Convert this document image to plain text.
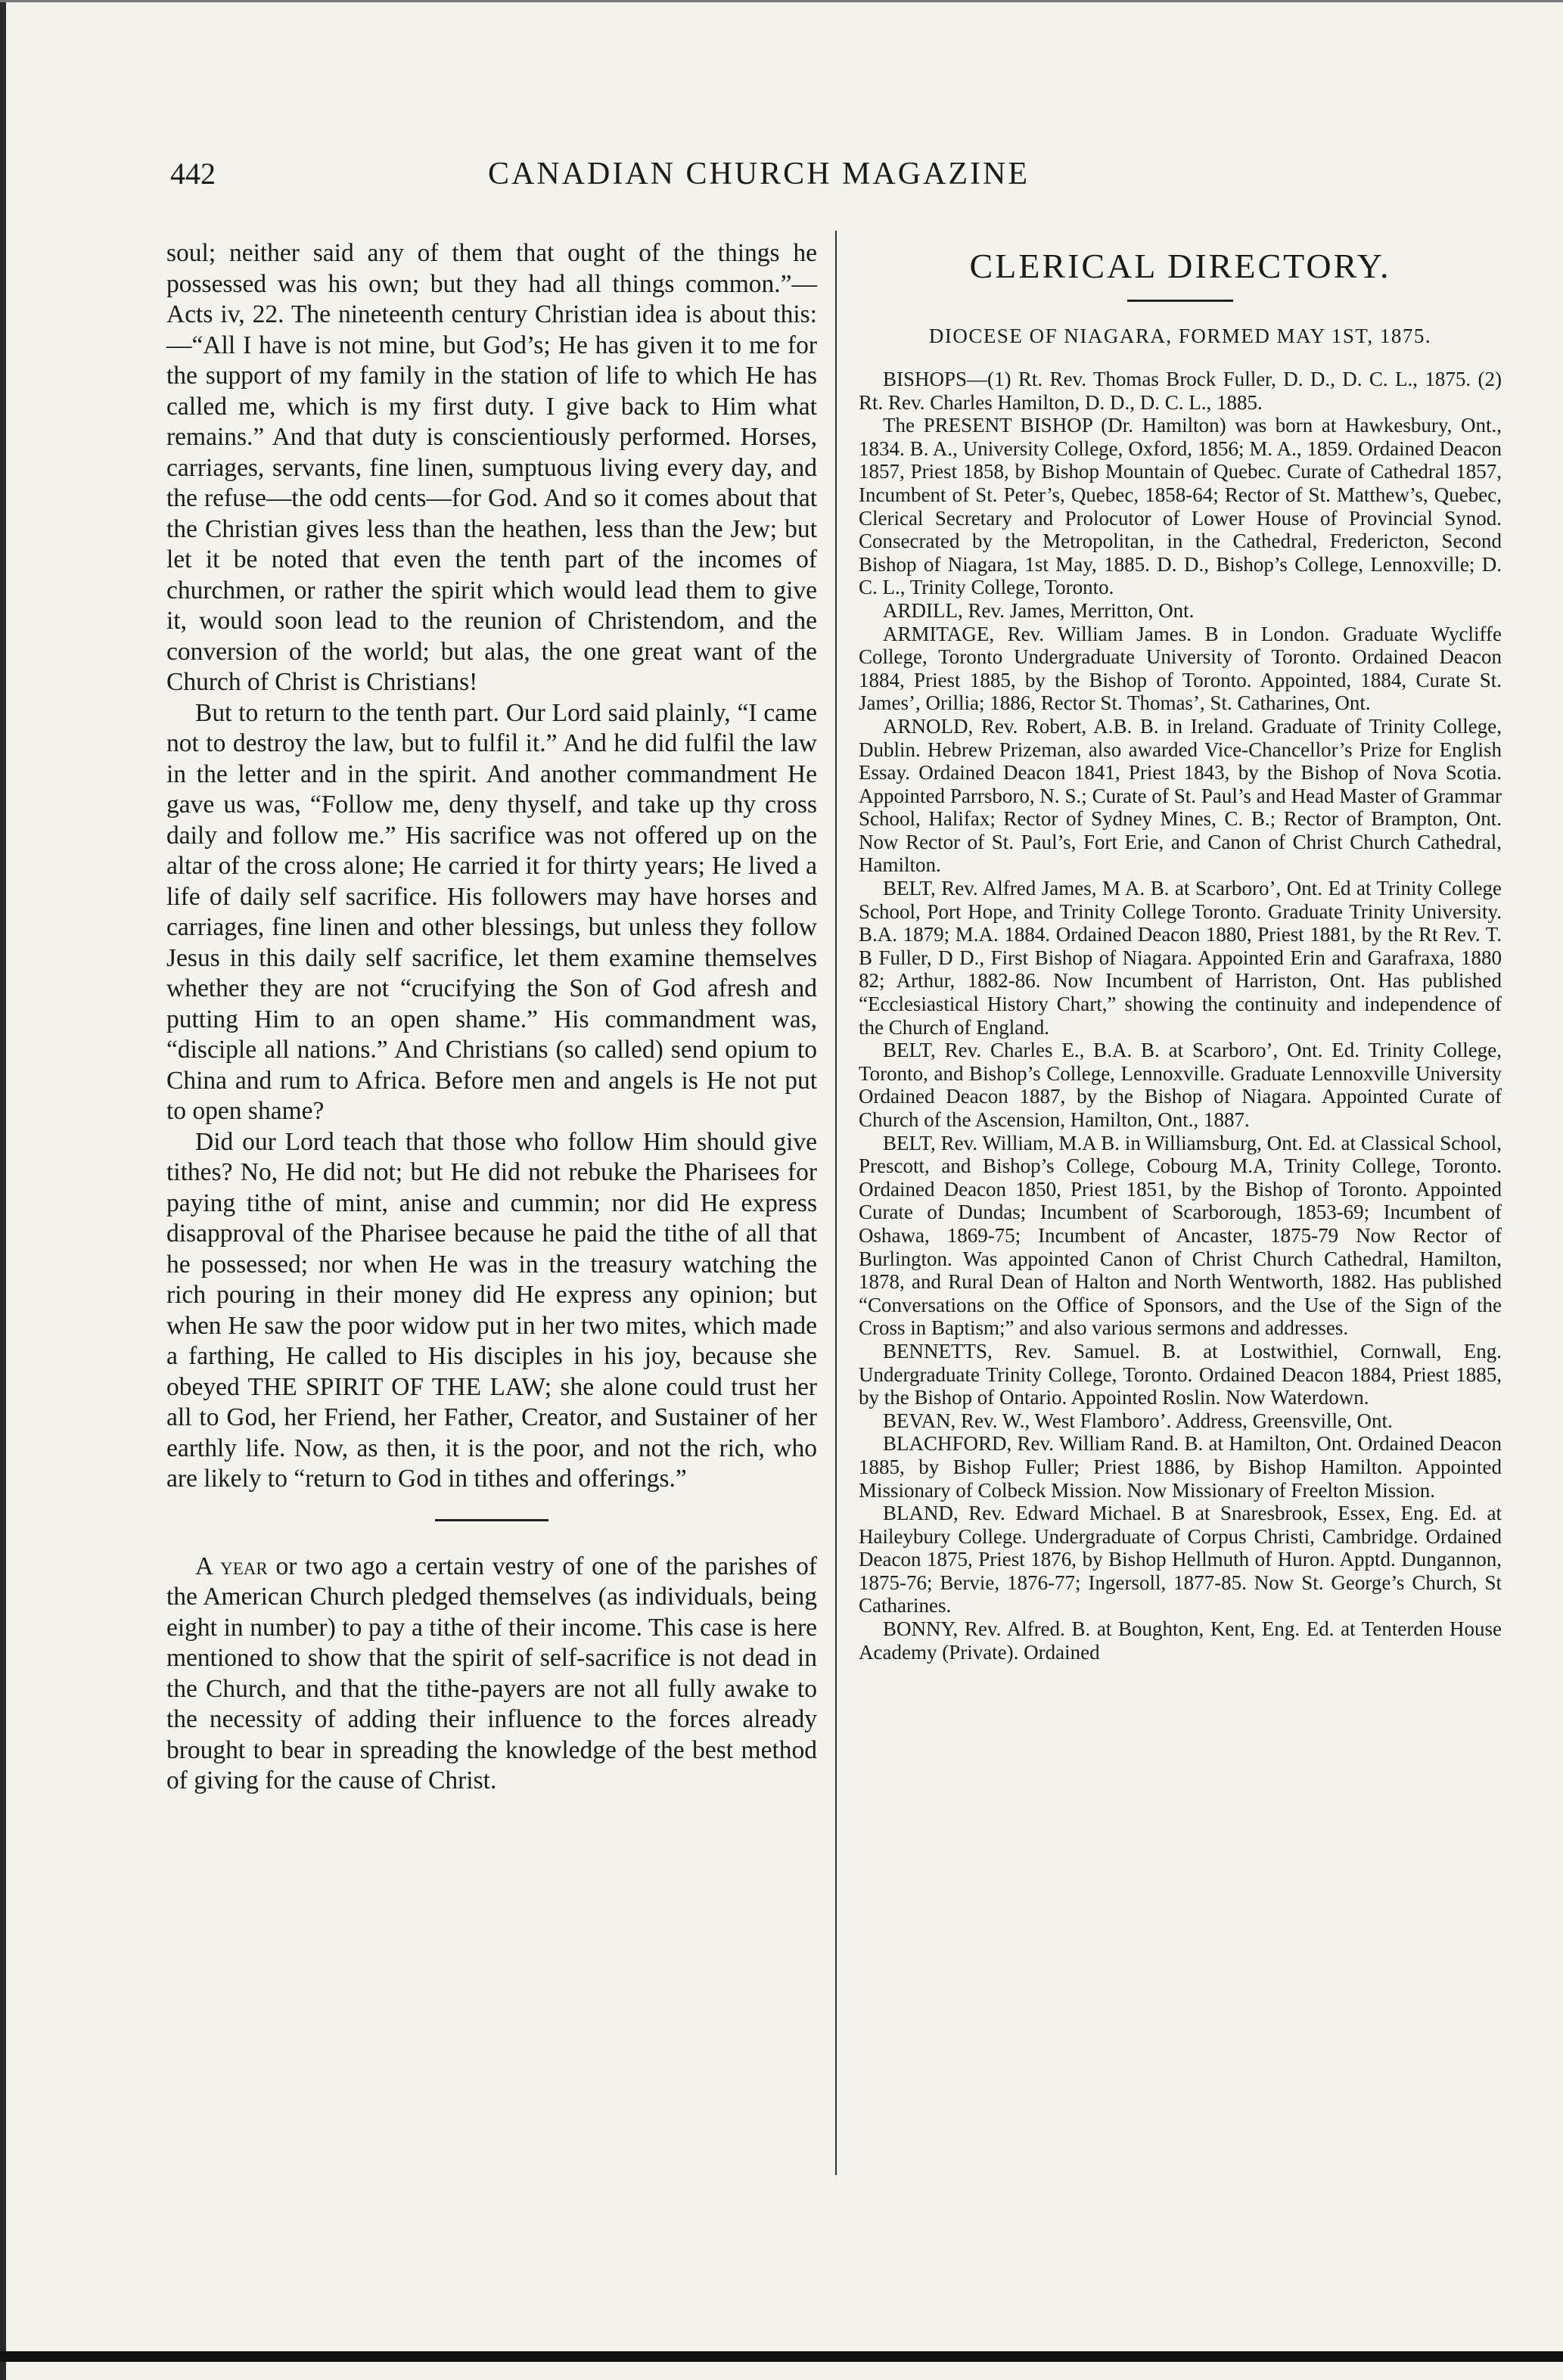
442	CANADIAN CHURCH MAGAZINE

soul; neither said any of them that ought of the things he possessed was his own; but they had all things common.”—Acts iv, 22. The nineteenth century Christian idea is about this:—“All I have is not mine, but God’s; He has given it to me for the support of my family in the station of life to which He has called me, which is my first duty. I give back to Him what remains.” And that duty is conscientiously performed. Horses, carriages, servants, fine linen, sumptuous living every day, and the refuse—the odd cents—for God. And so it comes about that the Christian gives less than the heathen, less than the Jew; but let it be noted that even the tenth part of the incomes of churchmen, or rather the spirit which would lead them to give it, would soon lead to the reunion of Christendom, and the conversion of the world; but alas, the one great want of the Church of Christ is Christians!

But to return to the tenth part. Our Lord said plainly, “I came not to destroy the law, but to fulfil it.” And he did fulfil the law in the letter and in the spirit. And another commandment He gave us was, “Follow me, deny thyself, and take up thy cross daily and follow me.” His sacrifice was not offered up on the altar of the cross alone; He carried it for thirty years; He lived a life of daily self sacrifice. His followers may have horses and carriages, fine linen and other blessings, but unless they follow Jesus in this daily self sacrifice, let them examine themselves whether they are not “crucifying the Son of God afresh and putting Him to an open shame.” His commandment was, “disciple all nations.” And Christians (so called) send opium to China and rum to Africa. Before men and angels is He not put to open shame?

Did our Lord teach that those who follow Him should give tithes? No, He did not; but He did not rebuke the Pharisees for paying tithe of mint, anise and cummin; nor did He express disapproval of the Pharisee because he paid the tithe of all that he possessed; nor when He was in the treasury watching the rich pouring in their money did He express any opinion; but when He saw the poor widow put in her two mites, which made a farthing, He called to His disciples in his joy, because she obeyed THE SPIRIT OF THE LAW; she alone could trust her all to God, her Friend, her Father, Creator, and Sustainer of her earthly life. Now, as then, it is the poor, and not the rich, who are likely to “return to God in tithes and offerings.”

A year or two ago a certain vestry of one of the parishes of the American Church pledged themselves (as individuals, being eight in number) to pay a tithe of their income. This case is here mentioned to show that the spirit of self-sacrifice is not dead in the Church, and that the tithe-payers are not all fully awake to the necessity of adding their influence to the forces already brought to bear in spreading the knowledge of the best method of giving for the cause of Christ.

CLERICAL DIRECTORY.
DIOCESE OF NIAGARA, FORMED MAY 1ST, 1875.

BISHOPS—(1) Rt. Rev. Thomas Brock Fuller, D. D., D. C. L., 1875. (2) Rt. Rev. Charles Hamilton, D. D., D. C. L., 1885.

The PRESENT BISHOP (Dr. Hamilton) was born at Hawkesbury, Ont., 1834. B. A., University College, Oxford, 1856; M. A., 1859. Ordained Deacon 1857, Priest 1858, by Bishop Mountain of Quebec. Curate of Cathedral 1857, Incumbent of St. Peter’s, Quebec, 1858-64; Rector of St. Matthew’s, Quebec, Clerical Secretary and Prolocutor of Lower House of Provincial Synod. Consecrated by the Metropolitan, in the Cathedral, Fredericton, Second Bishop of Niagara, 1st May, 1885. D. D., Bishop’s College, Lennoxville; D. C. L., Trinity College, Toronto.

ARDILL, Rev. James, Merritton, Ont.

ARMITAGE, Rev. William James. B in London. Graduate Wycliffe College, Toronto Undergraduate University of Toronto. Ordained Deacon 1884, Priest 1885, by the Bishop of Toronto. Appointed, 1884, Curate St. James’, Orillia; 1886, Rector St. Thomas’, St. Catharines, Ont.

ARNOLD, Rev. Robert, A.B. B. in Ireland. Graduate of Trinity College, Dublin. Hebrew Prizeman, also awarded Vice-Chancellor’s Prize for English Essay. Ordained Deacon 1841, Priest 1843, by the Bishop of Nova Scotia. Appointed Parrsboro, N. S.; Curate of St. Paul’s and Head Master of Grammar School, Halifax; Rector of Sydney Mines, C. B.; Rector of Brampton, Ont. Now Rector of St. Paul’s, Fort Erie, and Canon of Christ Church Cathedral, Hamilton.

BELT, Rev. Alfred James, M A. B. at Scarboro’, Ont. Ed at Trinity College School, Port Hope, and Trinity College Toronto. Graduate Trinity University. B.A. 1879; M.A. 1884. Ordained Deacon 1880, Priest 1881, by the Rt Rev. T. B Fuller, D D., First Bishop of Niagara. Appointed Erin and Garafraxa, 1880 82; Arthur, 1882-86. Now Incumbent of Harriston, Ont. Has published “Ecclesiastical History Chart,” showing the continuity and independence of the Church of England.

BELT, Rev. Charles E., B.A. B. at Scarboro’, Ont. Ed. Trinity College, Toronto, and Bishop’s College, Lennoxville. Graduate Lennoxville University Ordained Deacon 1887, by the Bishop of Niagara. Appointed Curate of Church of the Ascension, Hamilton, Ont., 1887.

BELT, Rev. William, M.A B. in Williamsburg, Ont. Ed. at Classical School, Prescott, and Bishop’s College, Cobourg M.A, Trinity College, Toronto. Ordained Deacon 1850, Priest 1851, by the Bishop of Toronto. Appointed Curate of Dundas; Incumbent of Scarborough, 1853-69; Incumbent of Oshawa, 1869-75; Incumbent of Ancaster, 1875-79 Now Rector of Burlington. Was appointed Canon of Christ Church Cathedral, Hamilton, 1878, and Rural Dean of Halton and North Wentworth, 1882. Has published “Conversations on the Office of Sponsors, and the Use of the Sign of the Cross in Baptism;” and also various sermons and addresses.

BENNETTS, Rev. Samuel. B. at Lostwithiel, Cornwall, Eng. Undergraduate Trinity College, Toronto. Ordained Deacon 1884, Priest 1885, by the Bishop of Ontario. Appointed Roslin. Now Waterdown.

BEVAN, Rev. W., West Flamboro’. Address, Greensville, Ont.

BLACHFORD, Rev. William Rand. B. at Hamilton, Ont. Ordained Deacon 1885, by Bishop Fuller; Priest 1886, by Bishop Hamilton. Appointed Missionary of Colbeck Mission. Now Missionary of Freelton Mission.

BLAND, Rev. Edward Michael. B at Snaresbrook, Essex, Eng. Ed. at Haileybury College. Undergraduate of Corpus Christi, Cambridge. Ordained Deacon 1875, Priest 1876, by Bishop Hellmuth of Huron. Apptd. Dungannon, 1875-76; Bervie, 1876-77; Ingersoll, 1877-85. Now St. George’s Church, St Catharines.

BONNY, Rev. Alfred. B. at Boughton, Kent, Eng. Ed. at Tenterden House Academy (Private). Ordained
